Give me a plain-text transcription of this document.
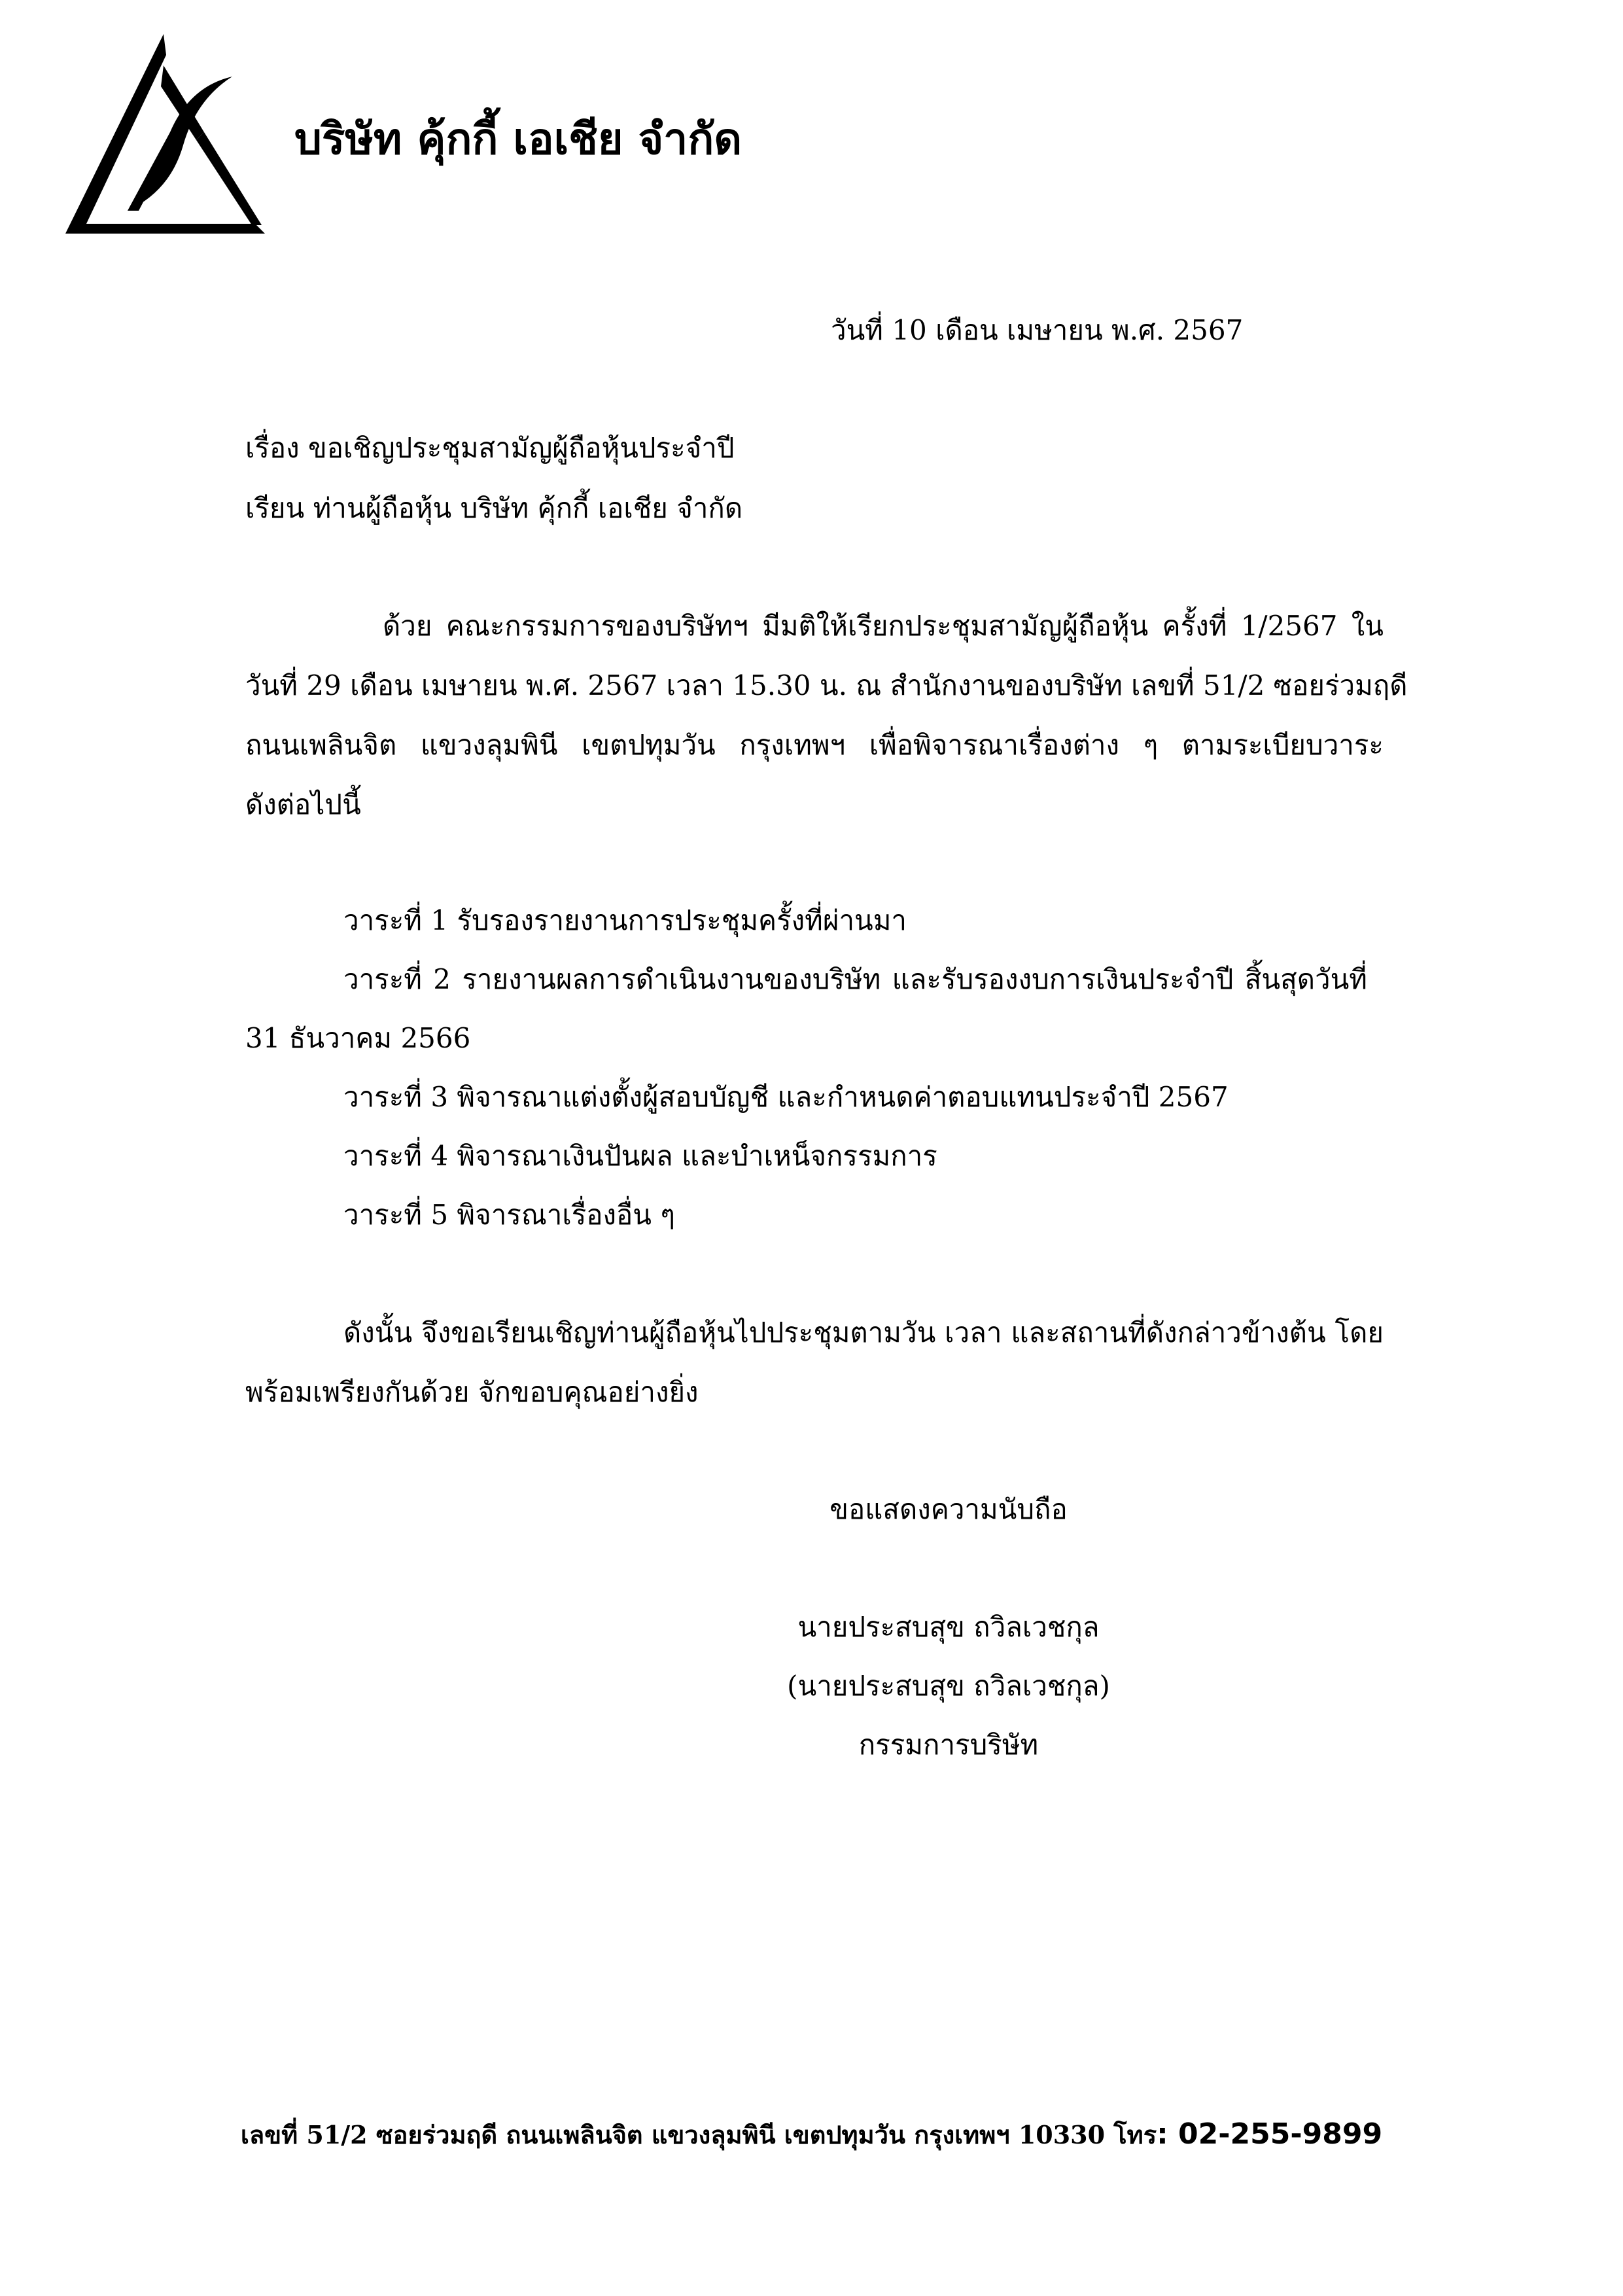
บริษัท คุ้กกี้ เอเชีย จำกัด
วันที่ 10 เดือน เมษายน พ.ศ. 2567
เรื่อง ขอเชิญประชุมสามัญผู้ถือหุ้นประจำปี
เรียน ท่านผู้ถือหุ้น บริษัท คุ้กกี้ เอเชีย จำกัด
ด้วย คณะกรรมการของบริษัทฯ มีมติให้เรียกประชุมสามัญผู้ถือหุ้น ครั้งที่ 1/2567 ใน
วันที่ 29 เดือน เมษายน พ.ศ. 2567 เวลา 15.30 น. ณ สำนักงานของบริษัท เลขที่ 51/2 ซอยร่วมฤดี
ถนนเพลินจิต แขวงลุมพินี เขตปทุมวัน กรุงเทพฯ เพื่อพิจารณาเรื่องต่าง ๆ ตามระเบียบวาระ
ดังต่อไปนี้
วาระที่ 1 รับรองรายงานการประชุมครั้งที่ผ่านมา
วาระที่ 2 รายงานผลการดำเนินงานของบริษัท และรับรองงบการเงินประจำปี สิ้นสุดวันที่
31 ธันวาคม 2566
วาระที่ 3 พิจารณาแต่งตั้งผู้สอบบัญชี และกำหนดค่าตอบแทนประจำปี 2567
วาระที่ 4 พิจารณาเงินปันผล และบำเหน็จกรรมการ
วาระที่ 5 พิจารณาเรื่องอื่น ๆ
ดังนั้น จึงขอเรียนเชิญท่านผู้ถือหุ้นไปประชุมตามวัน เวลา และสถานที่ดังกล่าวข้างต้น โดย
พร้อมเพรียงกันด้วย จักขอบคุณอย่างยิ่ง
ขอแสดงความนับถือ
นายประสบสุข ถวิลเวชกุล
(นายประสบสุข ถวิลเวชกุล)
กรรมการบริษัท
เลขที่ 51/2 ซอยร่วมฤดี ถนนเพลินจิต แขวงลุมพินี เขตปทุมวัน กรุงเทพฯ 10330 โทร: 02-255-9899
